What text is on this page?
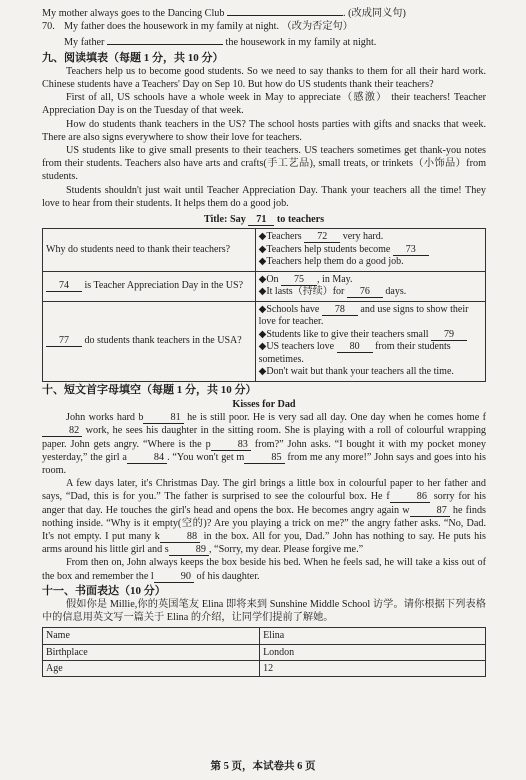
My mother always goes to the Dancing Club	. (改成同义句)

70. My father does the housework in my family at night. （改为否定句）

My father	the housework in my family at night.

九、阅读填表（每题 1 分，共 10 分）

Teachers help us to become good students. So we need to say thanks to them for all their hard work. Chinese students have a Teachers' Day on Sep 10. But how do US students thank their teachers?

First of all, US schools have a whole week in May to appreciate（感激） their teachers! Teacher Appreciation Day is on the Tuesday of that week.

How do students thank teachers in the US? The school hosts parties with gifts and snacks that week. There are also signs everywhere to show their love for teachers.

US students like to give small presents to their teachers. US teachers sometimes get thank-you notes from their students. Teachers also have arts and crafts(手工艺品), small treats, or trinkets（小饰品）from students.

Students shouldn't just wait until Teacher Appreciation Day. Thank your teachers all the time! They love to hear from their students. It helps them do a good job.

Title: Say 71 to teachers

Why do students need to thank their teachers?	◆Teachers 72 very hard.
◆Teachers help students become 73
◆Teachers help them do a good job.

74 is Teacher Appreciation Day in the US?	◆On 75 , in May.
◆It lasts（持续）for 76 days.

77 do students thank teachers in the USA?	◆Schools have 78 and use signs to show their love for teacher.
◆Students like to give their teachers small 79
◆US teachers love 80 from their students sometimes.
◆Don't wait but thank your teachers all the time.

十、短文首字母填空（每题 1 分，共 10 分）

Kisses for Dad

John works hard b	81 he is still poor. He is very sad all day. One day when he comes home f82 work, he sees his daughter in the sitting room. She is playing with a roll of colourful wrapping paper. John gets angry. “Where is the p	83 from?” John asks. “I bought it with my pocket money yesterday,” the girl a	84 . “You won't get m	85 from me any more!” John says and goes into his room.

A few days later, it's Christmas Day. The girl brings a little box in colourful paper to her father and says, “Dad, this is for you.” The father is surprised to see the colourful box. He f	86 sorry for his anger that day. He touches the girl's head and opens the box. He becomes angry again w	87 he finds nothing inside. “Why is it empty(空的)? Are you playing a trick on me?” the angry father asks. “No, Dad. It's not empty. I put many k	88 in the box. All for you, Dad.” John has nothing to say. He puts his arms around his little girl and s	89 , “Sorry, my dear. Please forgive me.”

From then on, John always keeps the box beside his bed. When he feels sad, he will take a kiss out of the box and remember the l	90 of his daughter.

十一、书面表达（10 分）

假如你是 Millie,你的英国笔友 Elina 即将来到 Sunshine Middle School 访学。请你根据下列表格中的信息用英文写一篇关于 Elina 的介绍，让同学们提前了解她。

Name	Elina
Birthplace	London
Age	12
第 5 页，本试卷共 6 页
